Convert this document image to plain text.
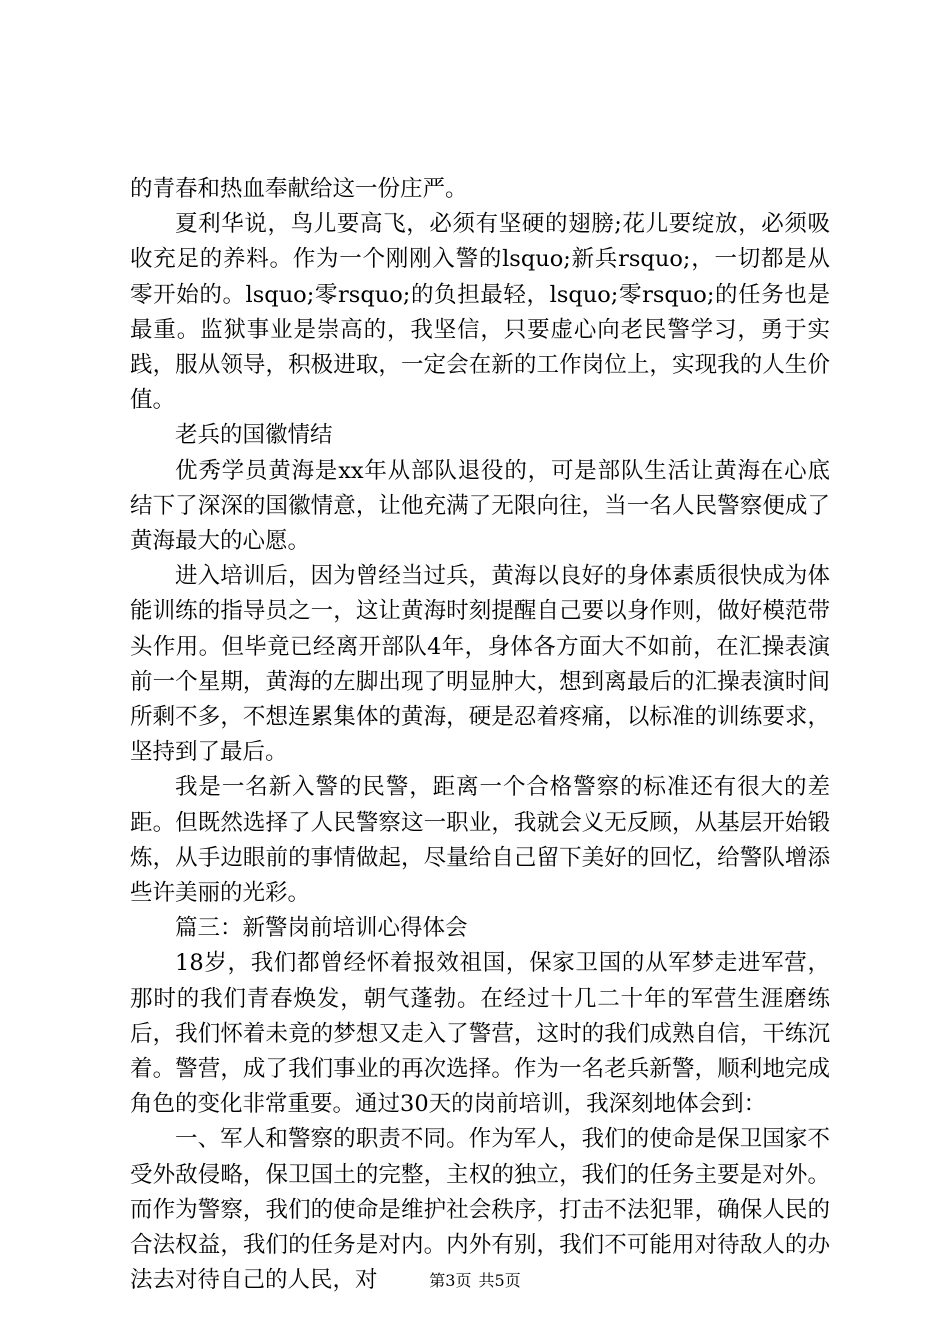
的青春和热血奉献给这一份庄严。

夏利华说，鸟儿要高飞，必须有坚硬的翅膀;花儿要绽放，必须吸收充足的养料。作为一个刚刚入警的lsquo;新兵rsquo;，一切都是从零开始的。lsquo;零rsquo;的负担最轻，lsquo;零rsquo;的任务也是最重。监狱事业是崇高的，我坚信，只要虚心向老民警学习，勇于实践，服从领导，积极进取，一定会在新的工作岗位上，实现我的人生价值。

老兵的国徽情结

优秀学员黄海是xx年从部队退役的，可是部队生活让黄海在心底结下了深深的国徽情意，让他充满了无限向往，当一名人民警察便成了黄海最大的心愿。

进入培训后，因为曾经当过兵，黄海以良好的身体素质很快成为体能训练的指导员之一，这让黄海时刻提醒自己要以身作则，做好模范带头作用。但毕竟已经离开部队4年，身体各方面大不如前，在汇操表演前一个星期，黄海的左脚出现了明显肿大，想到离最后的汇操表演时间所剩不多，不想连累集体的黄海，硬是忍着疼痛，以标准的训练要求，坚持到了最后。

我是一名新入警的民警，距离一个合格警察的标准还有很大的差距。但既然选择了人民警察这一职业，我就会义无反顾，从基层开始锻炼，从手边眼前的事情做起，尽量给自己留下美好的回忆，给警队增添些许美丽的光彩。

篇三：新警岗前培训心得体会

18岁，我们都曾经怀着报效祖国，保家卫国的从军梦走进军营，那时的我们青春焕发，朝气蓬勃。在经过十几二十年的军营生涯磨练后，我们怀着未竟的梦想又走入了警营，这时的我们成熟自信，干练沉着。警营，成了我们事业的再次选择。作为一名老兵新警，顺利地完成角色的变化非常重要。通过30天的岗前培训，我深刻地体会到：

一、军人和警察的职责不同。作为军人，我们的使命是保卫国家不受外敌侵略，保卫国土的完整，主权的独立，我们的任务主要是对外。而作为警察，我们的使命是维护社会秩序，打击不法犯罪，确保人民的合法权益，我们的任务是对内。内外有别，我们不可能用对待敌人的办法去对待自己的人民，对	第3页 共5页
